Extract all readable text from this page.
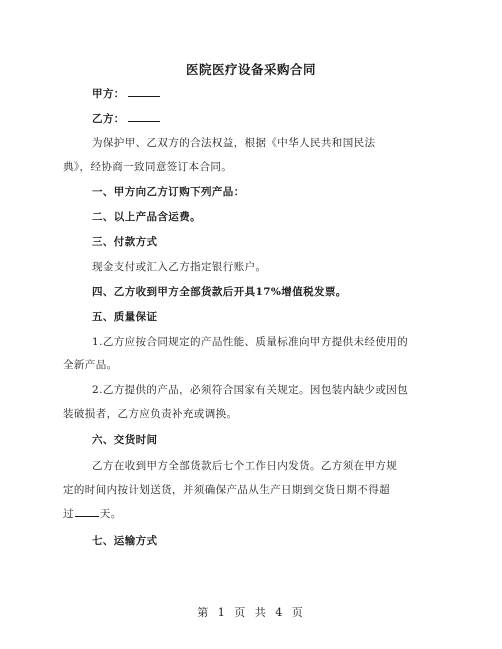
医院医疗设备采购合同
甲方：
乙方：
为保护甲、乙双方的合法权益，根据《中华人民共和国民法
典》，经协商一致同意签订本合同。
一、甲方向乙方订购下列产品：
二、以上产品含运费。
三、付款方式
现金支付或汇入乙方指定银行账户。
四、乙方收到甲方全部货款后开具17%增值税发票。
五、质量保证
1.乙方应按合同规定的产品性能、质量标准向甲方提供未经使用的
全新产品。
2.乙方提供的产品，必须符合国家有关规定。因包装内缺少或因包
装破损者，乙方应负责补充或调换。
六、交货时间
乙方在收到甲方全部货款后七个工作日内发货。乙方须在甲方规
定的时间内按计划送货，并须确保产品从生产日期到交货日期不得超
过 天。
七、运输方式
第 1 页 共 4 页
